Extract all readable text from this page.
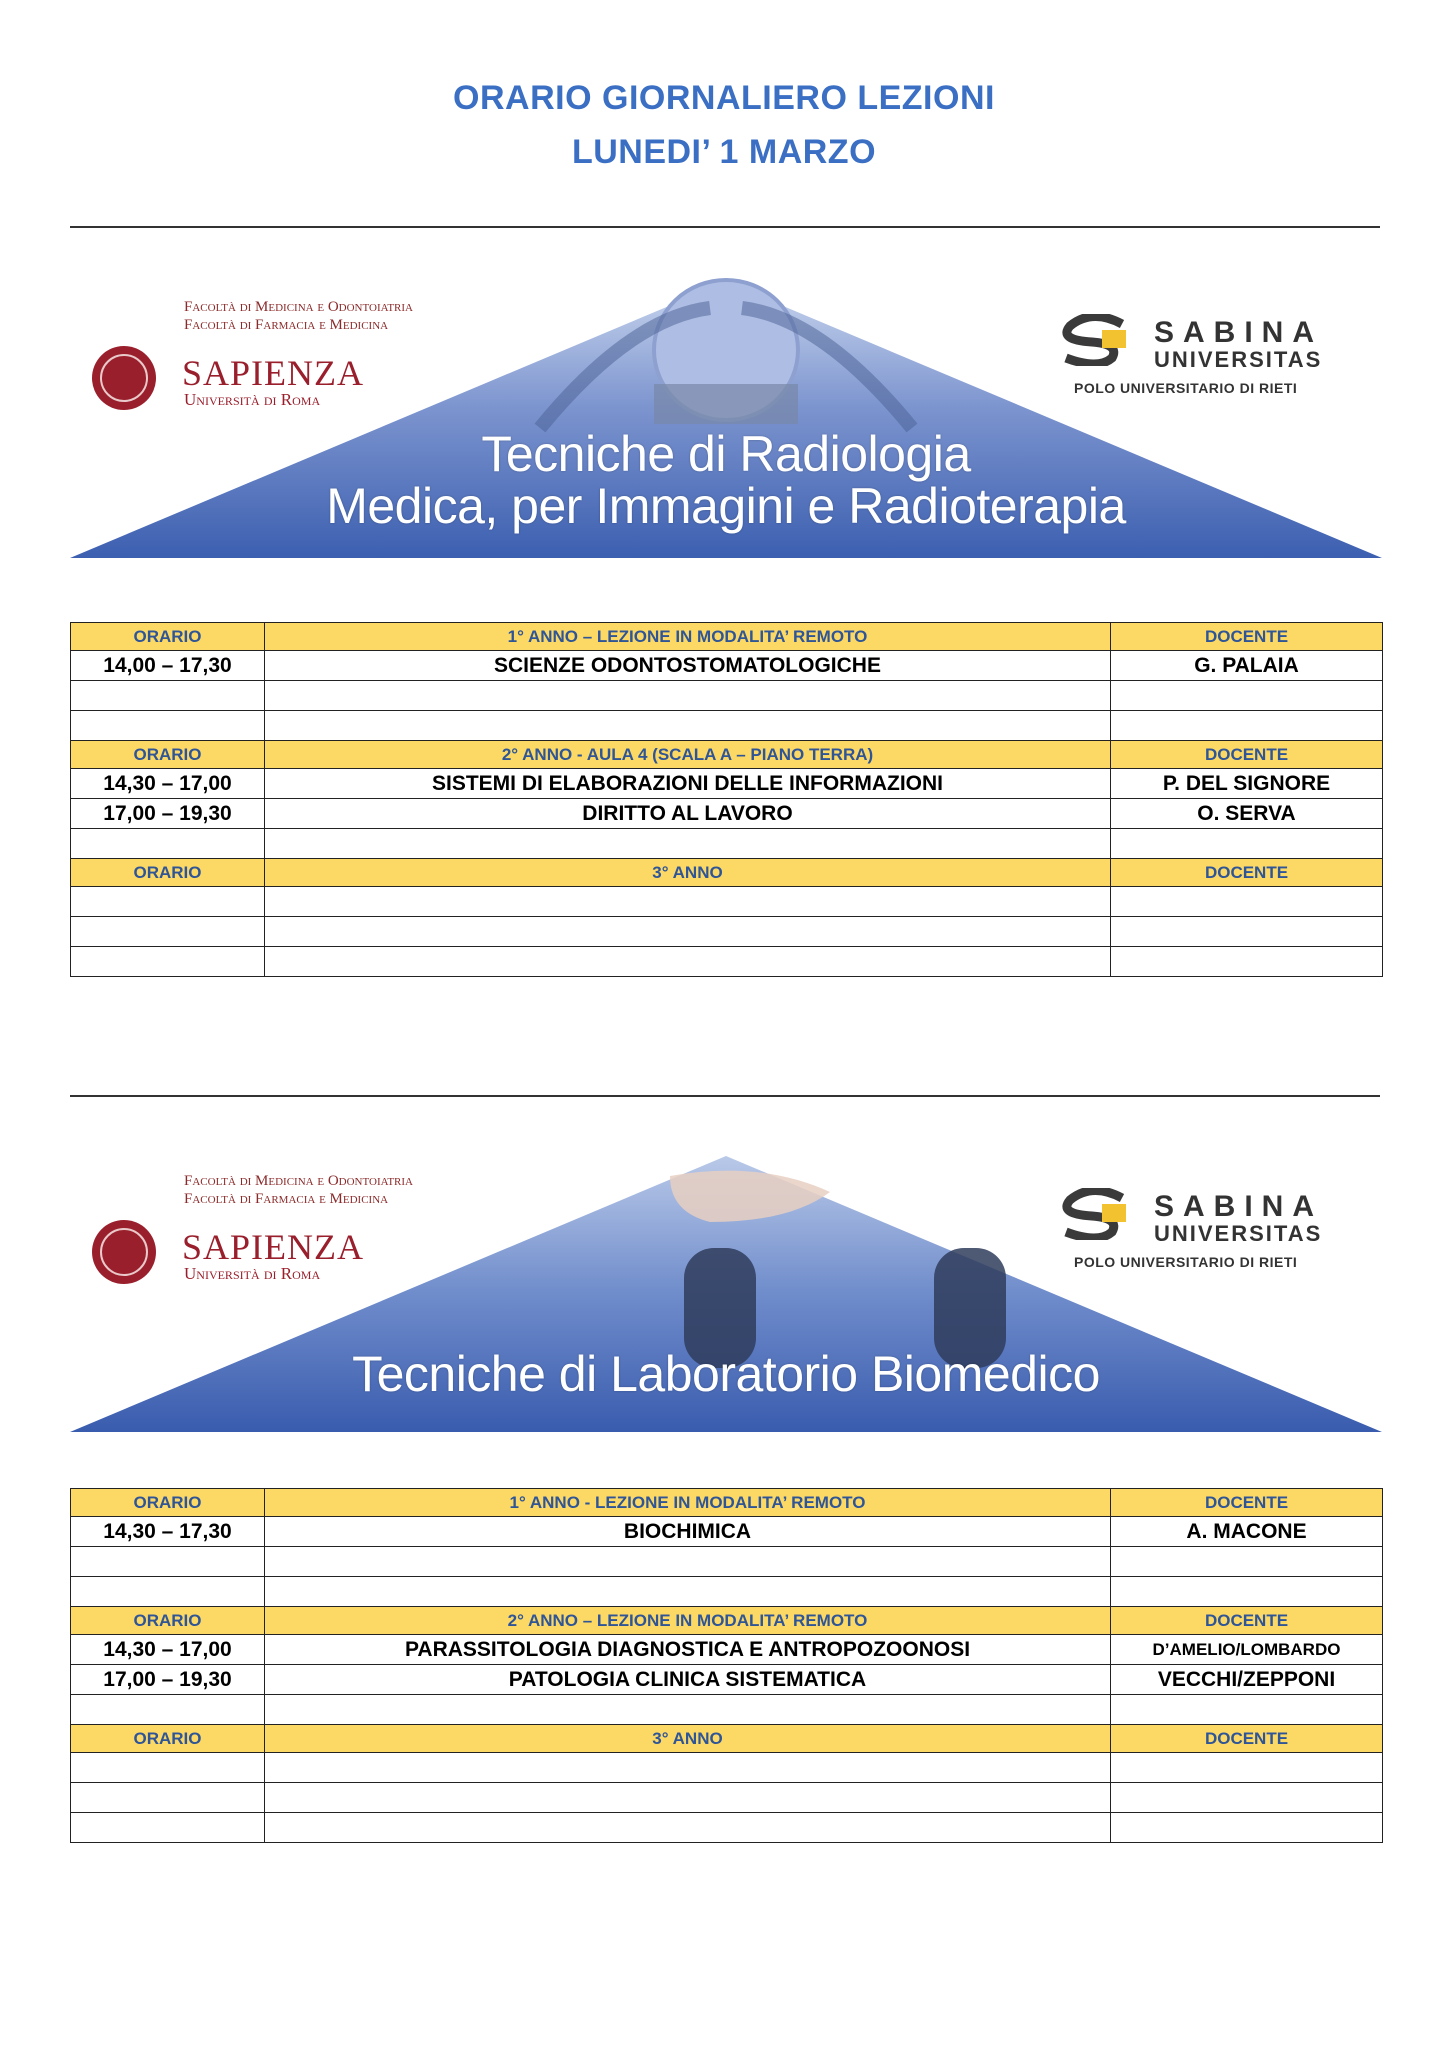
ORARIO GIORNALIERO LEZIONI
LUNEDI’ 1 MARZO
Facoltà di Medicina e Odontoiatria
Facoltà di Farmacia e Medicina
SAPIENZA
Università di Roma
SABINA
UNIVERSITAS
POLO UNIVERSITARIO DI RIETI
Tecniche di Radiologia
Medica, per Immagini e Radioterapia
ORARIO	1° ANNO – LEZIONE IN MODALITA’ REMOTO	DOCENTE
14,00 – 17,30	SCIENZE ODONTOSTOMATOLOGICHE	G. PALAIA

ORARIO	2° ANNO - AULA 4 (SCALA A – PIANO TERRA)	DOCENTE
14,30 – 17,00	SISTEMI DI ELABORAZIONI DELLE INFORMAZIONI	P. DEL SIGNORE
17,00 – 19,30	DIRITTO AL LAVORO	O. SERVA

ORARIO	3° ANNO	DOCENTE

Facoltà di Medicina e Odontoiatria
Facoltà di Farmacia e Medicina
SAPIENZA
Università di Roma
SABINA
UNIVERSITAS
POLO UNIVERSITARIO DI RIETI
Tecniche di Laboratorio Biomedico
ORARIO	1° ANNO - LEZIONE IN MODALITA’ REMOTO	DOCENTE
14,30 – 17,30	BIOCHIMICA	A. MACONE

ORARIO	2° ANNO – LEZIONE IN MODALITA’ REMOTO	DOCENTE
14,30 – 17,00	PARASSITOLOGIA DIAGNOSTICA E ANTROPOZOONOSI	D’AMELIO/LOMBARDO
17,00 – 19,30	PATOLOGIA CLINICA SISTEMATICA	VECCHI/ZEPPONI

ORARIO	3° ANNO	DOCENTE
